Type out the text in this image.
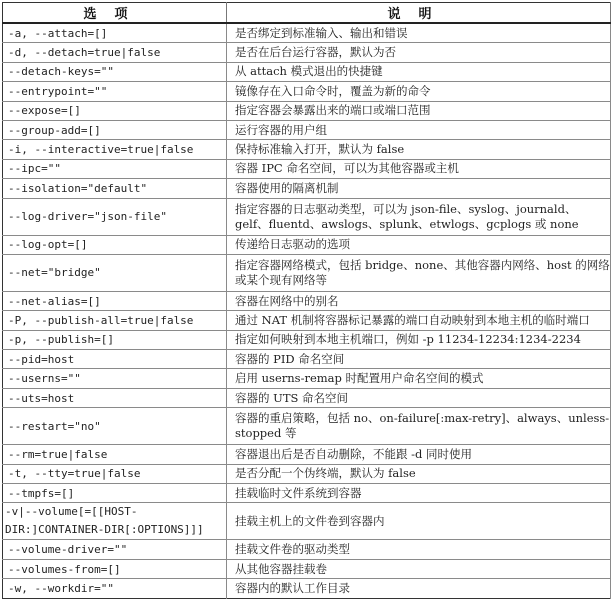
选项	说明
-a, --attach=[]	是否绑定到标准输入、输出和错误
-d, --detach=true|false	是否在后台运行容器，默认为否
--detach-keys=""	从 attach 模式退出的快捷键
--entrypoint=""	镜像存在入口命令时，覆盖为新的命令
--expose=[]	指定容器会暴露出来的端口或端口范围
--group-add=[]	运行容器的用户组
-i, --interactive=true|false	保持标准输入打开，默认为 false
--ipc=""	容器 IPC 命名空间，可以为其他容器或主机
--isolation="default"	容器使用的隔离机制
--log-driver="json-file"	指定容器的日志驱动类型，可以为 json-file、syslog、journald、gelf、fluentd、awslogs、splunk、etwlogs、gcplogs 或 none
--log-opt=[]	传递给日志驱动的选项
--net="bridge"	指定容器网络模式，包括 bridge、none、其他容器内网络、host 的网络或某个现有网络等
--net-alias=[]	容器在网络中的别名
-P, --publish-all=true|false	通过 NAT 机制将容器标记暴露的端口自动映射到本地主机的临时端口
-p, --publish=[]	指定如何映射到本地主机端口，例如 -p 11234-12234:1234-2234
--pid=host	容器的 PID 命名空间
--userns=""	启用 userns-remap 时配置用户命名空间的模式
--uts=host	容器的 UTS 命名空间
--restart="no"	容器的重启策略，包括 no、on-failure[:max-retry]、always、unless-stopped 等
--rm=true|false	容器退出后是否自动删除，不能跟 -d 同时使用
-t, --tty=true|false	是否分配一个伪终端，默认为 false
--tmpfs=[]	挂载临时文件系统到容器
-v|--volume[=[[HOST-DIR:]CONTAINER-DIR[:OPTIONS]]]	挂载主机上的文件卷到容器内
--volume-driver=""	挂载文件卷的驱动类型
--volumes-from=[]	从其他容器挂载卷
-w, --workdir=""	容器内的默认工作目录
